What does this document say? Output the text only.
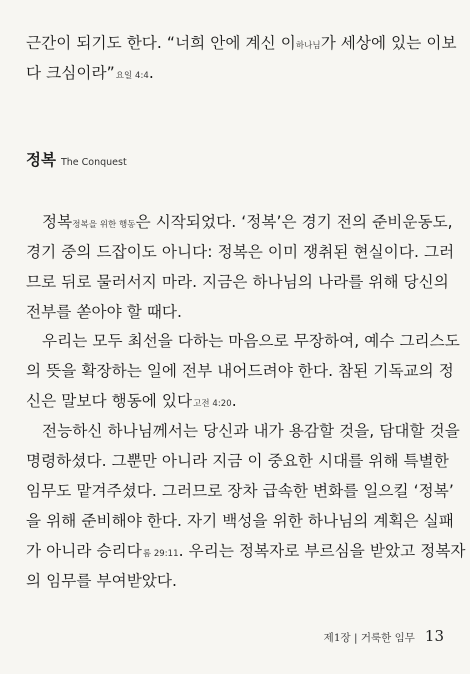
근간이 되기도 한다. “너희 안에 계신 이하나님가 세상에 있는 이보
다 크심이라”요일 4:4.
정복 The Conquest
정복정복을 위한 행동은 시작되었다. ‘정복’은 경기 전의 준비운동도,
경기 중의 드잡이도 아니다: 정복은 이미 쟁취된 현실이다. 그러
므로 뒤로 물러서지 마라. 지금은 하나님의 나라를 위해 당신의
전부를 쏟아야 할 때다.
우리는 모두 최선을 다하는 마음으로 무장하여, 예수 그리스도
의 뜻을 확장하는 일에 전부 내어드려야 한다. 참된 기독교의 정
신은 말보다 행동에 있다고전 4:20.
전능하신 하나님께서는 당신과 내가 용감할 것을, 담대할 것을
명령하셨다. 그뿐만 아니라 지금 이 중요한 시대를 위해 특별한
임무도 맡겨주셨다. 그러므로 장차 급속한 변화를 일으킬 ‘정복’
을 위해 준비해야 한다. 자기 백성을 위한 하나님의 계획은 실패
가 아니라 승리다롬 29:11. 우리는 정복자로 부르심을 받았고 정복자
의 임무를 부여받았다.
제1장 | 거룩한 임무 13
